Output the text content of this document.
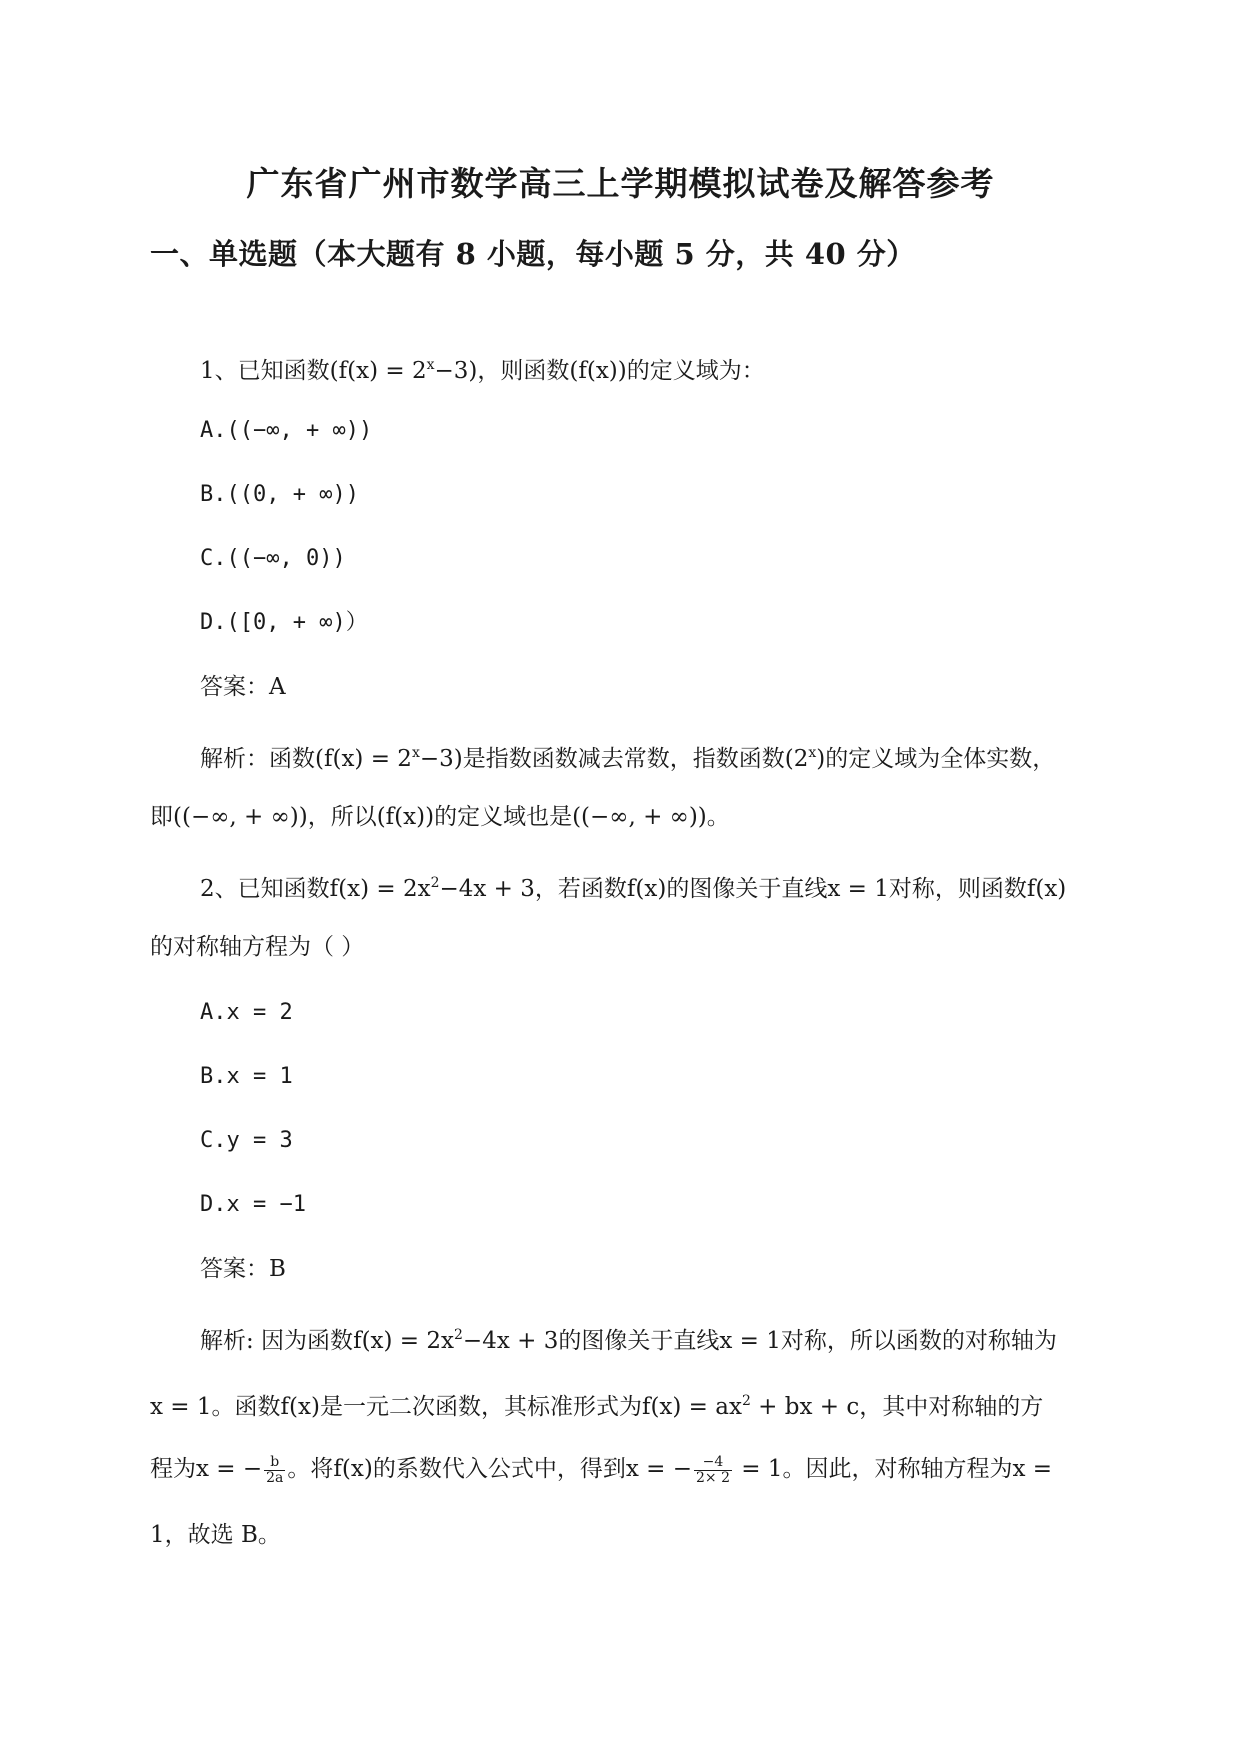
广东省广州市数学高三上学期模拟试卷及解答参考
一、单选题（本大题有 8 小题，每小题 5 分，共 40 分）
1、已知函数$(f(x) = 2^x-3)$，则函数(f(x))的定义域为：
A.((−∞, + ∞))
B.((0, + ∞))
C.((−∞, 0))
D.([0, + ∞)）
答案：A
解析：函数$(f(x) = 2^x-3)$是指数函数减去常数，指数函数(2$^x$)的定义域为全体实数，
即((−∞, + ∞))，所以(f(x))的定义域也是((−∞, + ∞))。
2、已知函数$f(x) = 2x^2-4x + 3$，若函数f(x)的图像关于直线x = 1对称，则函数f(x)
的对称轴方程为（ ）
A.x = 2
B.x = 1
C.y = 3
D.x = −1
答案：B
解析: 因为函数$f(x) = 2x^2-4x + 3$的图像关于直线x = 1对称，所以函数的对称轴为
x = 1。函数f(x)是一元二次函数，其标准形式为$f(x) = ax^2$ + bx + c，其中对称轴的方
程为x = − $\frac{b}{2a}$ 。将f(x)的系数代入公式中，得到x = − $\frac{-4}{2\times 2} = 1$。因此，对称轴方程为x =
1，故选 B。
